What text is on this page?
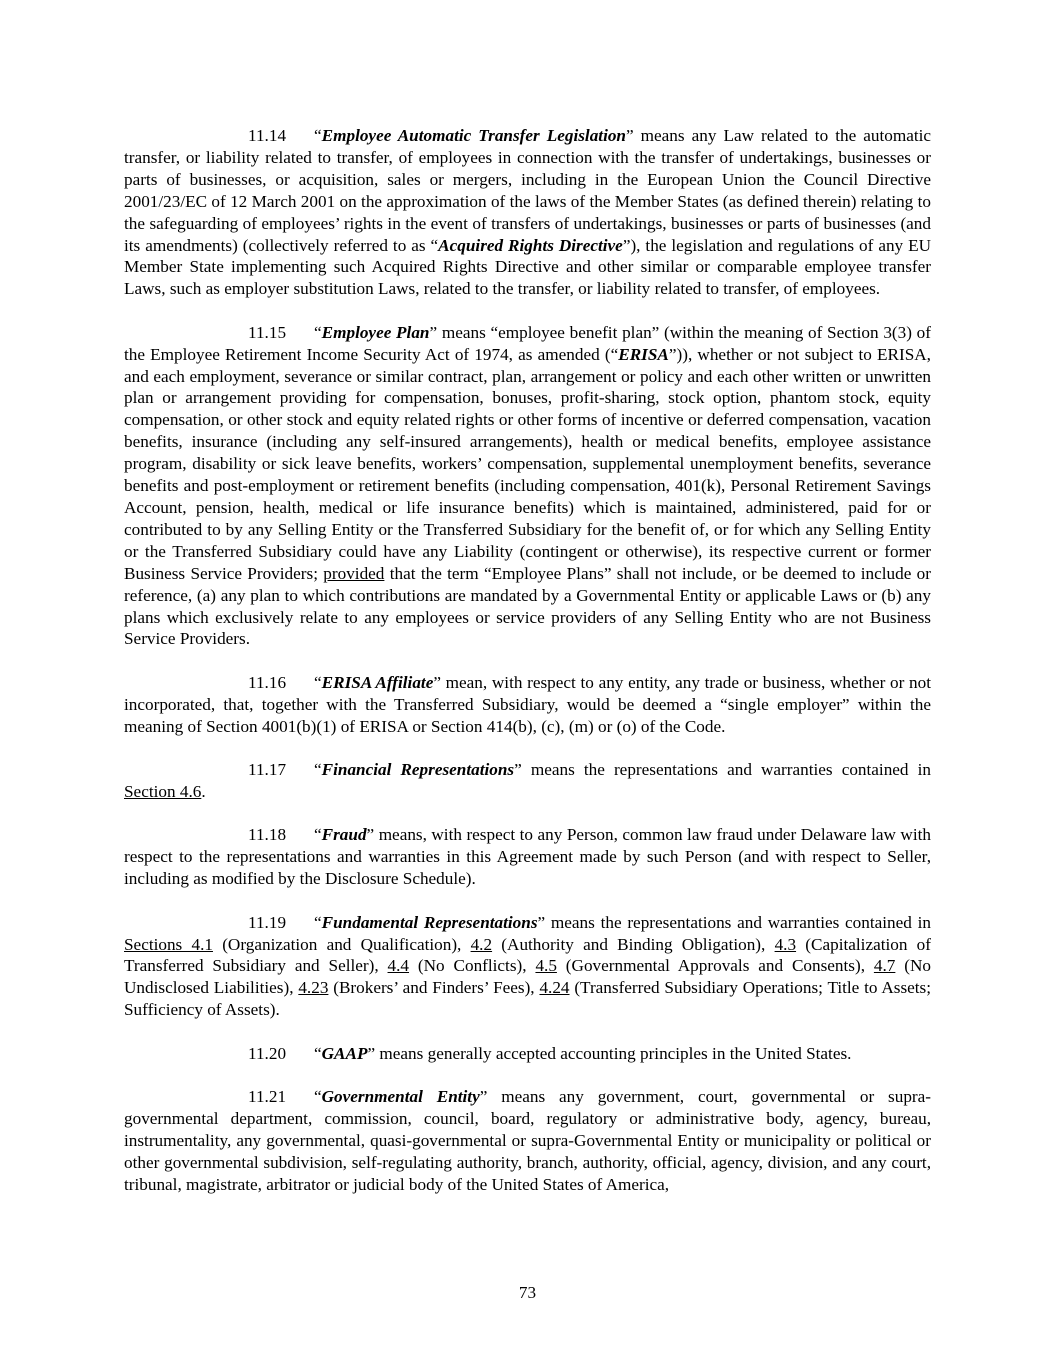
11.14 “Employee Automatic Transfer Legislation” means any Law related to the automatic transfer, or liability related to transfer, of employees in connection with the transfer of undertakings, businesses or parts of businesses, or acquisition, sales or mergers, including in the European Union the Council Directive 2001/23/EC of 12 March 2001 on the approximation of the laws of the Member States (as defined therein) relating to the safeguarding of employees’ rights in the event of transfers of undertakings, businesses or parts of businesses (and its amendments) (collectively referred to as “Acquired Rights Directive”), the legislation and regulations of any EU Member State implementing such Acquired Rights Directive and other similar or comparable employee transfer Laws, such as employer substitution Laws, related to the transfer, or liability related to transfer, of employees.

11.15 “Employee Plan” means “employee benefit plan” (within the meaning of Section 3(3) of the Employee Retirement Income Security Act of 1974, as amended (“ERISA”)), whether or not subject to ERISA, and each employment, severance or similar contract, plan, arrangement or policy and each other written or unwritten plan or arrangement providing for compensation, bonuses, profit-sharing, stock option, phantom stock, equity compensation, or other stock and equity related rights or other forms of incentive or deferred compensation, vacation benefits, insurance (including any self-insured arrangements), health or medical benefits, employee assistance program, disability or sick leave benefits, workers’ compensation, supplemental unemployment benefits, severance benefits and post-employment or retirement benefits (including compensation, 401(k), Personal Retirement Savings Account, pension, health, medical or life insurance benefits) which is maintained, administered, paid for or contributed to by any Selling Entity or the Transferred Subsidiary for the benefit of, or for which any Selling Entity or the Transferred Subsidiary could have any Liability (contingent or otherwise), its respective current or former Business Service Providers; provided that the term “Employee Plans” shall not include, or be deemed to include or reference, (a) any plan to which contributions are mandated by a Governmental Entity or applicable Laws or (b) any plans which exclusively relate to any employees or service providers of any Selling Entity who are not Business Service Providers.

11.16 “ERISA Affiliate” mean, with respect to any entity, any trade or business, whether or not incorporated, that, together with the Transferred Subsidiary, would be deemed a “single employer” within the meaning of Section 4001(b)(1) of ERISA or Section 414(b), (c), (m) or (o) of the Code.

11.17 “Financial Representations” means the representations and warranties contained in Section 4.6.

11.18 “Fraud” means, with respect to any Person, common law fraud under Delaware law with respect to the representations and warranties in this Agreement made by such Person (and with respect to Seller, including as modified by the Disclosure Schedule).

11.19 “Fundamental Representations” means the representations and warranties contained in Sections 4.1 (Organization and Qualification), 4.2 (Authority and Binding Obligation), 4.3 (Capitalization of Transferred Subsidiary and Seller), 4.4 (No Conflicts), 4.5 (Governmental Approvals and Consents), 4.7 (No Undisclosed Liabilities), 4.23 (Brokers’ and Finders’ Fees), 4.24 (Transferred Subsidiary Operations; Title to Assets; Sufficiency of Assets).

11.20 “GAAP” means generally accepted accounting principles in the United States.

11.21 “Governmental Entity” means any government, court, governmental or supra-governmental department, commission, council, board, regulatory or administrative body, agency, bureau, instrumentality, any governmental, quasi-governmental or supra-Governmental Entity or municipality or political or other governmental subdivision, self-regulating authority, branch, authority, official, agency, division, and any court, tribunal, magistrate, arbitrator or judicial body of the United States of America,

73
